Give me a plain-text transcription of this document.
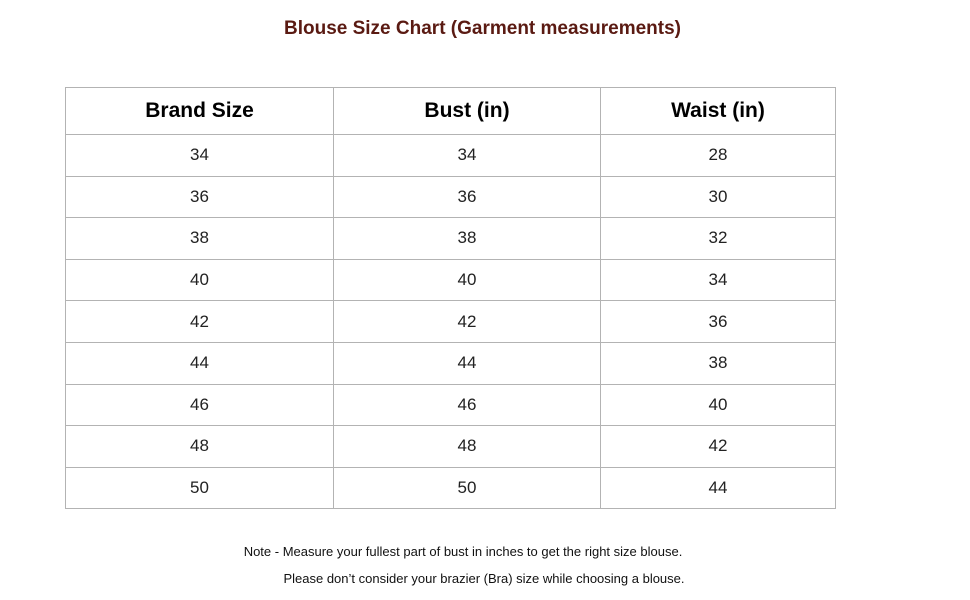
Blouse Size Chart (Garment measurements)
Brand Size	Bust (in)	Waist (in)
34	34	28
36	36	30
38	38	32
40	40	34
42	42	36
44	44	38
46	46	40
48	48	42
50	50	44
Note - Measure your fullest part of bust in inches to get the right size blouse.
Please don’t consider your brazier (Bra) size while choosing a blouse.
